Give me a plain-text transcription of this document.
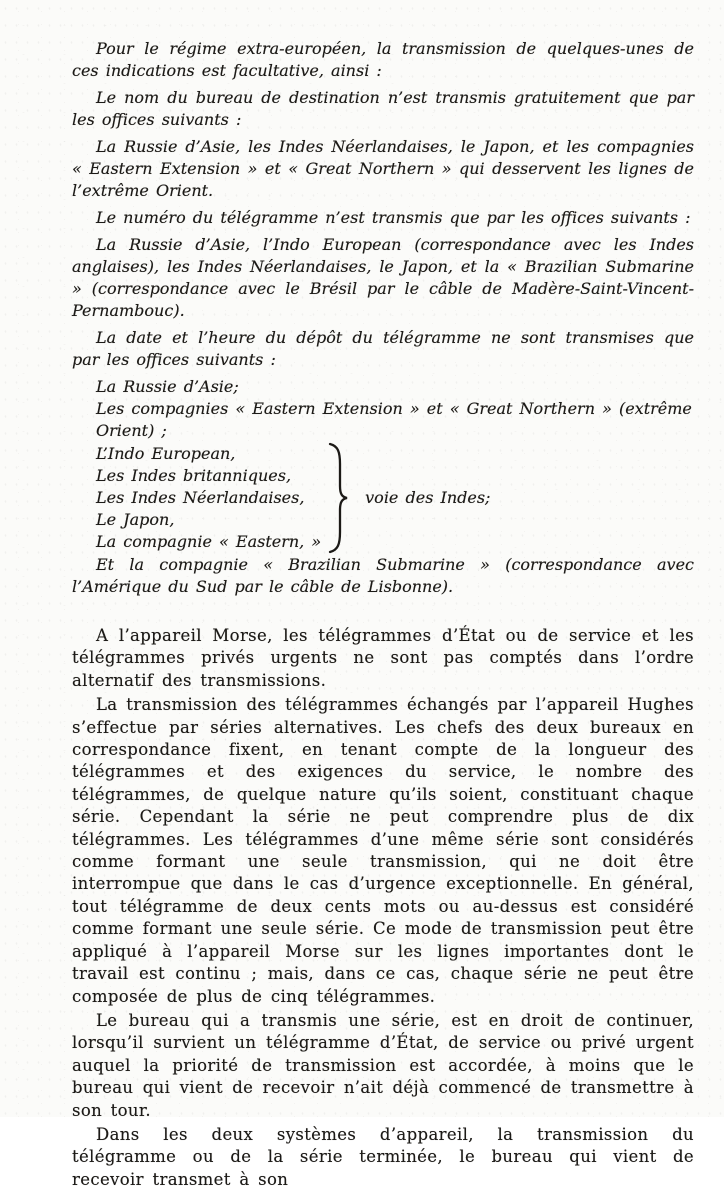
Pour le régime extra-européen, la transmission de quelques-unes de ces indications est facultative, ainsi :

Le nom du bureau de destination n’est transmis gratuitement que par les offices suivants :

La Russie d’Asie, les Indes Néerlandaises, le Japon, et les compagnies « Eastern Extension » et « Great Northern » qui desservent les lignes de l’extrême Orient.

Le numéro du télégramme n’est transmis que par les offices suivants :

La Russie d’Asie, l’Indo European (correspondance avec les Indes anglaises), les Indes Néerlandaises, le Japon, et la « Brazilian Submarine » (correspondance avec le Brésil par le câble de Madère-Saint-Vincent-Pernambouc).

La date et l’heure du dépôt du télégramme ne sont transmises que par les offices suivants :

La Russie d’Asie;

Les compagnies « Eastern Extension » et « Great Northern » (extrême Orient) ;

L’Indo European,
Les Indes britanniques,
Les Indes Néerlandaises,
Le Japon,
La compagnie « Eastern, »
voie des Indes;

Et la compagnie « Brazilian Submarine » (correspondance avec l’Amérique du Sud par le câble de Lisbonne).

A l’appareil Morse, les télégrammes d’État ou de service et les télégrammes privés urgents ne sont pas comptés dans l’ordre alternatif des transmissions.

La transmission des télégrammes échangés par l’appareil Hughes s’effectue par séries alternatives. Les chefs des deux bureaux en correspondance fixent, en tenant compte de la longueur des télégrammes et des exigences du service, le nombre des télégrammes, de quelque nature qu’ils soient, constituant chaque série. Cependant la série ne peut comprendre plus de dix télégrammes. Les télégrammes d’une même série sont considérés comme formant une seule transmission, qui ne doit être interrompue que dans le cas d’urgence exceptionnelle. En général, tout télégramme de deux cents mots ou au-dessus est considéré comme formant une seule série. Ce mode de transmission peut être appliqué à l’appareil Morse sur les lignes importantes dont le travail est continu ; mais, dans ce cas, chaque série ne peut être composée de plus de cinq télégrammes.

Le bureau qui a transmis une série, est en droit de continuer, lorsqu’il survient un télégramme d’État, de service ou privé urgent auquel la priorité de transmission est accordée, à moins que le bureau qui vient de recevoir n’ait déjà commencé de transmettre à son tour.

Dans les deux systèmes d’appareil, la transmission du télégramme ou de la série terminée, le bureau qui vient de recevoir transmet à son
